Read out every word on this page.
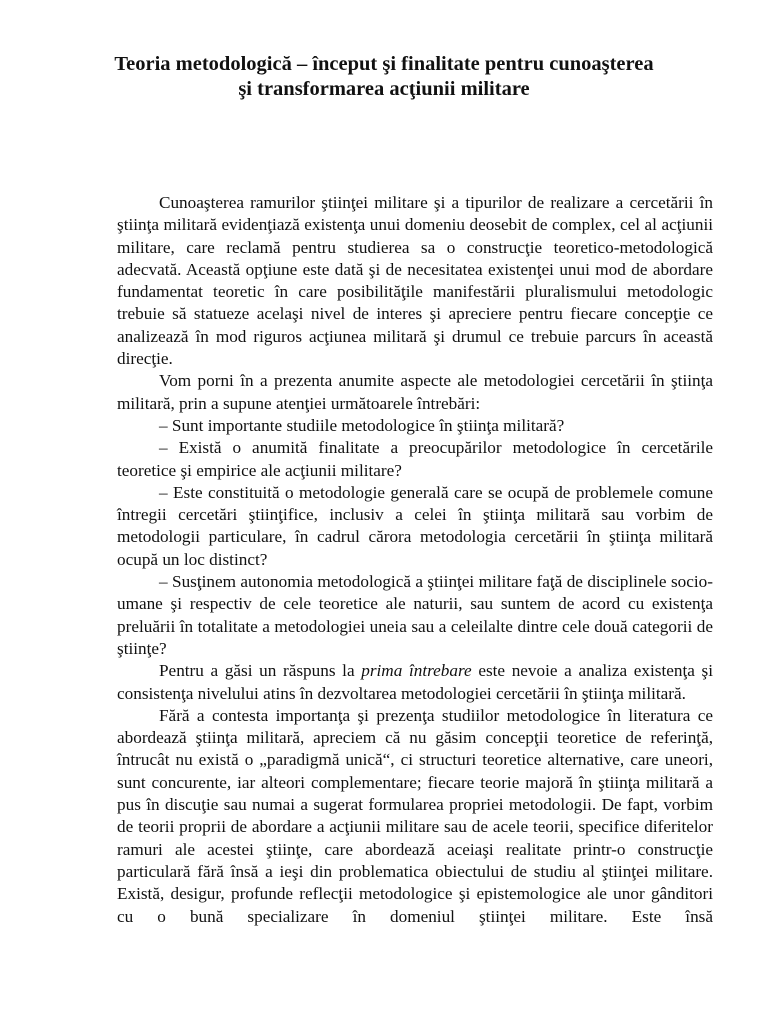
Teoria metodologică – început şi finalitate pentru cunoaşterea
şi transformarea acţiunii militare

Cunoaşterea ramurilor ştiinţei militare şi a tipurilor de realizare a cercetării în ştiinţa militară evidenţiază existenţa unui domeniu deosebit de complex, cel al acţiunii militare, care reclamă pentru studierea sa o construcţie teoretico-metodologică adecvată. Această opţiune este dată şi de necesitatea existenţei unui mod de abordare fundamentat teoretic în care posibilităţile manifestării pluralismului metodologic trebuie să statueze acelaşi nivel de interes şi apreciere pentru fiecare concepţie ce analizează în mod riguros acţiunea militară şi drumul ce trebuie parcurs în această direcţie.

Vom porni în a prezenta anumite aspecte ale metodologiei cercetării în ştiinţa militară, prin a supune atenţiei următoarele întrebări:

– Sunt importante studiile metodologice în ştiinţa militară?

– Există o anumită finalitate a preocupărilor metodologice în cercetările teoretice şi empirice ale acţiunii militare?

– Este constituită o metodologie generală care se ocupă de problemele comune întregii cercetări ştiinţifice, inclusiv a celei în ştiinţa militară sau vorbim de metodologii particulare, în cadrul cărora metodologia cercetării în ştiinţa militară ocupă un loc distinct?

– Susţinem autonomia metodologică a ştiinţei militare faţă de disciplinele socio-umane şi respectiv de cele teoretice ale naturii, sau suntem de acord cu existenţa preluării în totalitate a metodologiei uneia sau a celeilalte dintre cele două categorii de ştiinţe?

Pentru a găsi un răspuns la prima întrebare este nevoie a analiza existenţa şi consistenţa nivelului atins în dezvoltarea metodologiei cercetării în ştiinţa militară.

Fără a contesta importanţa şi prezenţa studiilor metodologice în literatura ce abordează ştiinţa militară, apreciem că nu găsim concepţii teoretice de referinţă, întrucât nu există o „paradigmă unică“, ci structuri teoretice alternative, care uneori, sunt concurente, iar alteori complementare; fiecare teorie majoră în ştiinţa militară a pus în discuţie sau numai a sugerat formularea propriei metodologii. De fapt, vorbim de teorii proprii de abordare a acţiunii militare sau de acele teorii, specifice diferitelor ramuri ale acestei ştiinţe, care abordează aceiaşi realitate printr-o construcţie particulară fără însă a ieşi din problematica obiectului de studiu al ştiinţei militare. Există, desigur, profunde reflecţii metodologice şi epistemologice ale unor gânditori cu o bună specializare în domeniul ştiinţei militare. Este însă
